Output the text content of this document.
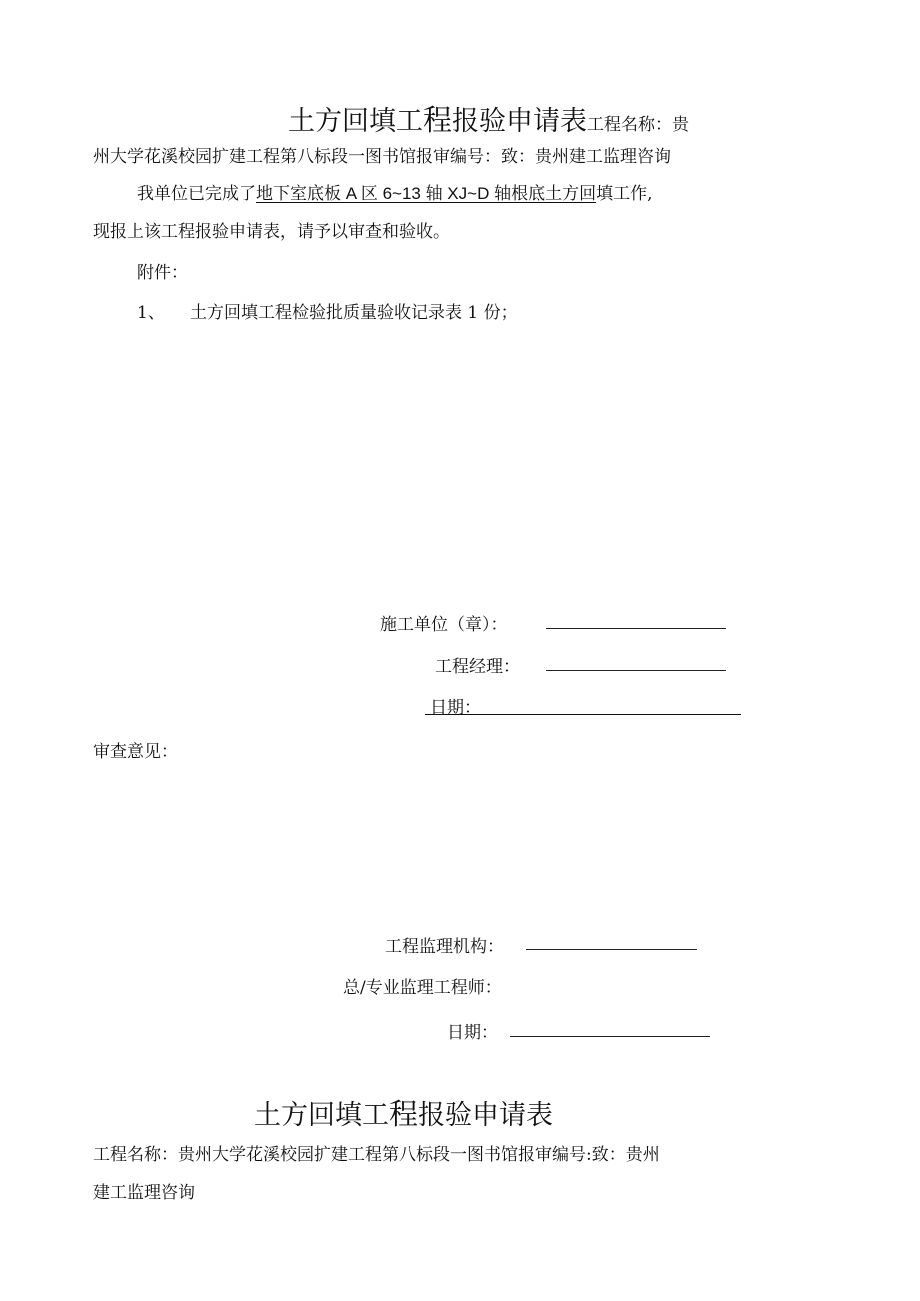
土方回填工程报验申请表工程名称：贵
州大学花溪校园扩建工程第八标段一图书馆报审编号：致：贵州建工监理咨询
我单位已完成了地下室底板 A 区 6~13 轴 XJ~D 轴根底土方回填工作,
现报上该工程报验申请表，请予以审查和验收。
附件：
1、 土方回填工程检验批质量验收记录表 1 份；
施工单位（章）：
工程经理：
日期：
审查意见：
工程监理机构：
总/专业监理工程师：
日期：
土方回填工程报验申请表
工程名称：贵州大学花溪校园扩建工程第八标段一图书馆报审编号:致：贵州
建工监理咨询
